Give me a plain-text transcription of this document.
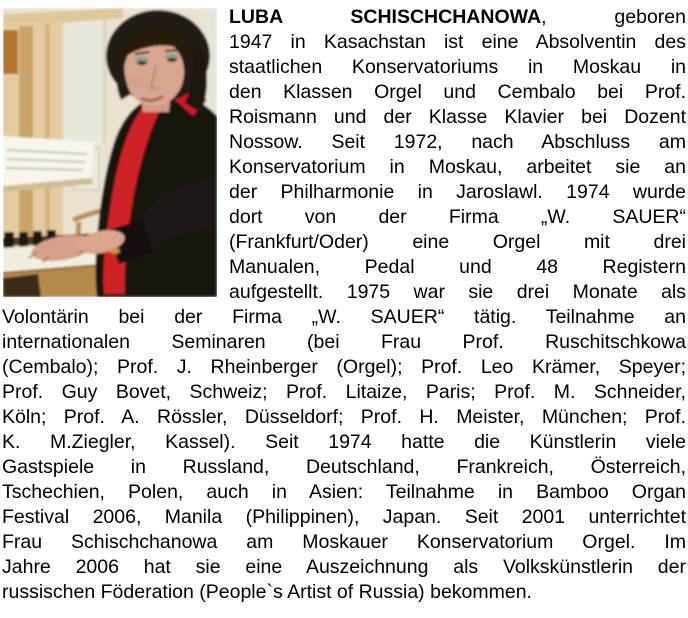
LUBA SCHISCHCHANOWA, geboren
1947 in Kasachstan ist eine Absolventin des
staatlichen Konservatoriums in Moskau in
den Klassen Orgel und Cembalo bei Prof.
Roismann und der Klasse Klavier bei Dozent
Nossow. Seit 1972, nach Abschluss am
Konservatorium in Moskau, arbeitet sie an
der Philharmonie in Jaroslawl. 1974 wurde
dort von der Firma „W. SAUER“
(Frankfurt/Oder) eine Orgel mit drei
Manualen, Pedal und 48 Registern
aufgestellt. 1975 war sie drei Monate als
Volontärin bei der Firma „W. SAUER“ tätig. Teilnahme an
internationalen Seminaren (bei Frau Prof. Ruschitschkowa
(Cembalo); Prof. J. Rheinberger (Orgel); Prof. Leo Krämer, Speyer;
Prof. Guy Bovet, Schweiz; Prof. Litaize, Paris; Prof. M. Schneider,
Köln; Prof. A. Rössler, Düsseldorf; Prof. H. Meister, München; Prof.
K. M.Ziegler, Kassel). Seit 1974 hatte die Künstlerin viele
Gastspiele in Russland, Deutschland, Frankreich, Österreich,
Tschechien, Polen, auch in Asien: Teilnahme in Bamboo Organ
Festival 2006, Manila (Philippinen), Japan. Seit 2001 unterrichtet
Frau Schischchanowa am Moskauer Konservatorium Orgel. Im
Jahre 2006 hat sie eine Auszeichnung als Volkskünstlerin der
russischen Föderation (People`s Artist of Russia) bekommen.
